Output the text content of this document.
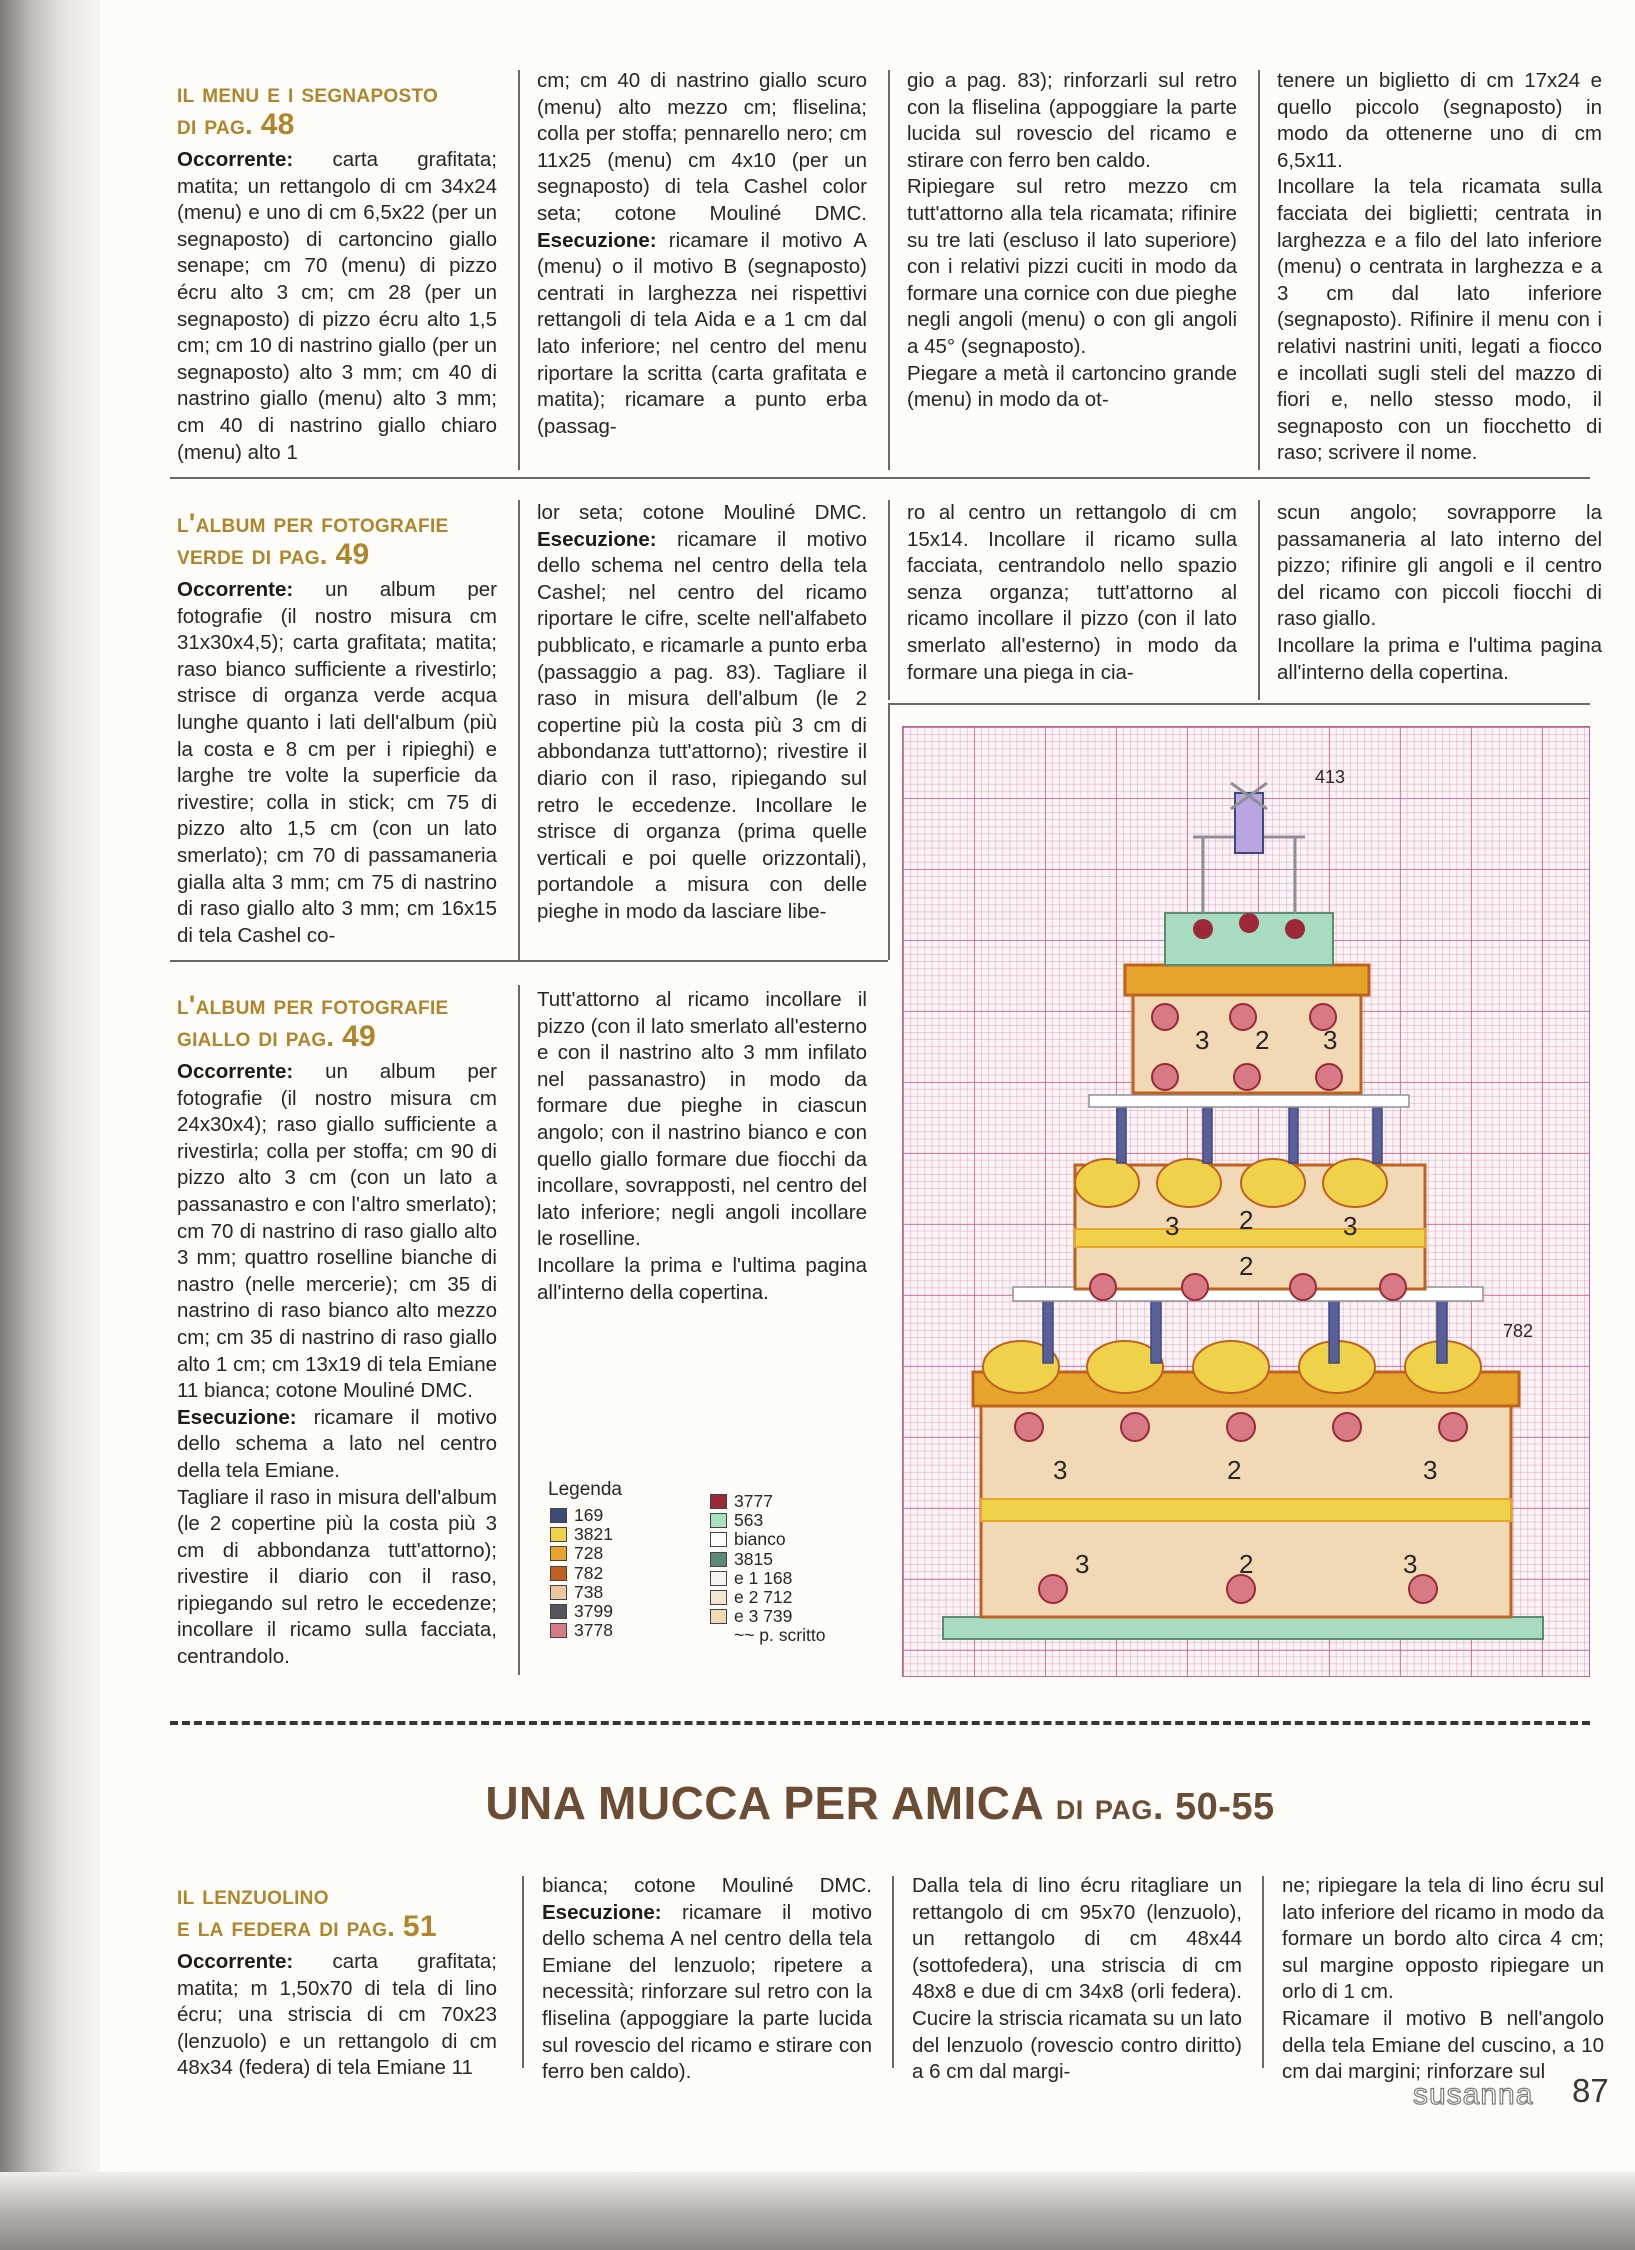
il menu e i segnaposto
di pag. 48

Occorrente: carta grafitata; matita; un rettangolo di cm 34x24 (menu) e uno di cm 6,5x22 (per un segnaposto) di cartoncino giallo senape; cm 70 (menu) di pizzo écru alto 3 cm; cm 28 (per un segnaposto) di pizzo écru alto 1,5 cm; cm 10 di nastrino giallo (per un segnaposto) alto 3 mm; cm 40 di nastrino giallo (menu) alto 3 mm; cm 40 di nastrino giallo chiaro (menu) alto 1

cm; cm 40 di nastrino giallo scuro (menu) alto mezzo cm; fliselina; colla per stoffa; pennarello nero; cm 11x25 (menu) cm 4x10 (per un segnaposto) di tela Cashel color seta; cotone Mouliné DMC. Esecuzione: ricamare il motivo A (menu) o il motivo B (segnaposto) centrati in larghezza nei rispettivi rettangoli di tela Aida e a 1 cm dal lato inferiore; nel centro del menu riportare la scritta (carta grafitata e matita); ricamare a punto erba (passag-

gio a pag. 83); rinforzarli sul retro con la fliselina (appoggiare la parte lucida sul rovescio del ricamo e stirare con ferro ben caldo.

Ripiegare sul retro mezzo cm tutt'attorno alla tela ricamata; rifinire su tre lati (escluso il lato superiore) con i relativi pizzi cuciti in modo da formare una cornice con due pieghe negli angoli (menu) o con gli angoli a 45° (segnaposto).

Piegare a metà il cartoncino grande (menu) in modo da ot-

tenere un biglietto di cm 17x24 e quello piccolo (segnaposto) in modo da ottenerne uno di cm 6,5x11.

Incollare la tela ricamata sulla facciata dei biglietti; centrata in larghezza e a filo del lato inferiore (menu) o centrata in larghezza e a 3 cm dal lato inferiore (segnaposto). Rifinire il menu con i relativi nastrini uniti, legati a fiocco e incollati sugli steli del mazzo di fiori e, nello stesso modo, il segnaposto con un fiocchetto di raso; scrivere il nome.

l'album per fotografie
verde di pag. 49

Occorrente: un album per fotografie (il nostro misura cm 31x30x4,5); carta grafitata; matita; raso bianco sufficiente a rivestirlo; strisce di organza verde acqua lunghe quanto i lati dell'album (più la costa e 8 cm per i ripieghi) e larghe tre volte la superficie da rivestire; colla in stick; cm 75 di pizzo alto 1,5 cm (con un lato smerlato); cm 70 di passamaneria gialla alta 3 mm; cm 75 di nastrino di raso giallo alto 3 mm; cm 16x15 di tela Cashel co-

lor seta; cotone Mouliné DMC. Esecuzione: ricamare il motivo dello schema nel centro della tela Cashel; nel centro del ricamo riportare le cifre, scelte nell'alfabeto pubblicato, e ricamarle a punto erba (passaggio a pag. 83). Tagliare il raso in misura dell'album (le 2 copertine più la costa più 3 cm di abbondanza tutt'attorno); rivestire il diario con il raso, ripiegando sul retro le eccedenze. Incollare le strisce di organza (prima quelle verticali e poi quelle orizzontali), portandole a misura con delle pieghe in modo da lasciare libe-

ro al centro un rettangolo di cm 15x14. Incollare il ricamo sulla facciata, centrandolo nello spazio senza organza; tutt'attorno al ricamo incollare il pizzo (con il lato smerlato all'esterno) in modo da formare una piega in cia-

scun angolo; sovrapporre la passamaneria al lato interno del pizzo; rifinire gli angoli e il centro del ricamo con piccoli fiocchi di raso giallo.

Incollare la prima e l'ultima pagina all'interno della copertina.

l'album per fotografie
giallo di pag. 49

Occorrente: un album per fotografie (il nostro misura cm 24x30x4); raso giallo sufficiente a rivestirla; colla per stoffa; cm 90 di pizzo alto 3 cm (con un lato a passanastro e con l'altro smerlato); cm 70 di nastrino di raso giallo alto 3 mm; quattro roselline bianche di nastro (nelle mercerie); cm 35 di nastrino di raso bianco alto mezzo cm; cm 35 di nastrino di raso giallo alto 1 cm; cm 13x19 di tela Emiane 11 bianca; cotone Mouliné DMC.

Esecuzione: ricamare il motivo dello schema a lato nel centro della tela Emiane.

Tagliare il raso in misura dell'album (le 2 copertine più la costa più 3 cm di abbondanza tutt'attorno); rivestire il diario con il raso, ripiegando sul retro le eccedenze; incollare il ricamo sulla facciata, centrandolo.

Tutt'attorno al ricamo incollare il pizzo (con il lato smerlato all'esterno e con il nastrino alto 3 mm infilato nel passanastro) in modo da formare due pieghe in ciascun angolo; con il nastrino bianco e con quello giallo formare due fiocchi da incollare, sovrapposti, nel centro del lato inferiore; negli angoli incollare le roselline.

Incollare la prima e l'ultima pagina all'interno della copertina.

Legenda
169
3821
728
782
738
3799
3778
3777
563
bianco
3815
e 1 168
e 2 712
e 3 739
~~ p. scritto
3 2 3
3 2	3
2
3	2	3
3	2	3
413
782
UNA MUCCA PER AMICA di pag. 50-55
il lenzuolino
e la federa di pag. 51

Occorrente: carta grafitata; matita; m 1,50x70 di tela di lino écru; una striscia di cm 70x23 (lenzuolo) e un rettangolo di cm 48x34 (federa) di tela Emiane 11

bianca; cotone Mouliné DMC. Esecuzione: ricamare il motivo dello schema A nel centro della tela Emiane del lenzuolo; ripetere a necessità; rinforzare sul retro con la fliselina (appoggiare la parte lucida sul rovescio del ricamo e stirare con ferro ben caldo).

Dalla tela di lino écru ritagliare un rettangolo di cm 95x70 (lenzuolo), un rettangolo di cm 48x44 (sottofedera), una striscia di cm 48x8 e due di cm 34x8 (orli federa). Cucire la striscia ricamata su un lato del lenzuolo (rovescio contro diritto) a 6 cm dal margi-

ne; ripiegare la tela di lino écru sul lato inferiore del ricamo in modo da formare un bordo alto circa 4 cm; sul margine opposto ripiegare un orlo di 1 cm.

Ricamare il motivo B nell'angolo della tela Emiane del cuscino, a 10 cm dai margini; rinforzare sul

susanna 87
